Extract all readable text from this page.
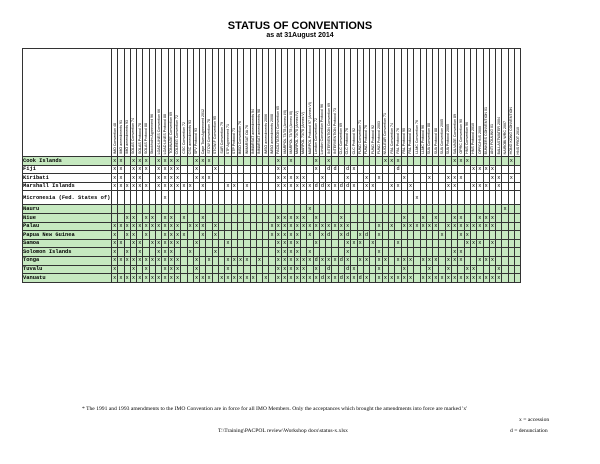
STATUS OF CONVENTIONS
as at 31August 2014

IMO Convention 48	IMO amendments 91	IMO amendments 93	SOLAS Convention 74	SOLAS Protocol 78	SOLAS Protocol 88	Stockholm Agreement 96	LOAD LINES Convention 66	LOAD LINES Protocol 88	TONNAGE Convention 69	COLREG Convention 72	CSC Convention 72	CSC amendments 93	SFV Protocol 93	Cape Town Agreement 2012	STCW Convention 78	STCW-F Convention 95	SAR Convention 79	STP Agreement 71	STP Protocol 73	IMSO Convention 76	INMARSAT OA 76	INMARSAT amendments 94	INMARSAT amendments 98	IMSO amendments 2006	IMSO amendments 2008	FACILITATION Convention 65	MARPOL 73/78 (Annex I/II)	MARPOL 73/78 (Annex III)	MARPOL 73/78 (Annex IV)	MARPOL 73/78 (Annex V)	MARPOL Protocol 97 (Annex VI)	London Convention 72	London Convention Protocol 96	INTERVENTION Convention 69	INTERVENTION Protocol 73	CLC Convention 69	CLC Protocol 76	CLC Protocol 92	FUND Convention 71	FUND Protocol 76	FUND Protocol 92	FUND Protocol 2003	NUCLEAR Convention 71	PAL Convention 74	PAL Protocol 76	PAL Protocol 90	PAL Protocol 02	LLMC Convention 76	LLMC Protocol 96	SUA Convention 88	SUA Protocol 88	SUA Convention 2005	SUA Protocol 2005	SALVAGE Convention 89	OPRC Convention 90	HNS Convention 96	HNS Protocol 2010	OPRC/HNS 2000	BUNKERS CONVENTION 01	ANTI FOULING 01	BALLASTWATER 2004	NAIROBI WRC 2007	HONG KONG CONVENTION	HNS PROT 2010

Cook Islands	x	x		x	x	x		x	x	x	x			x	x	x											x		x				x		x									x	x	x									x	x	x							x	
Fiji	x	x		x	x	x		x	x	x	x			x			x										x	x					x		d	d		d	x							d												x	x	x	x				
Kiribati	x	x		x	x			x	x	x	x			x	x	x											x	x	x	x	x			x				x			x		x				x				x			x	x	x					x	x		x	
Marshall Islands	x	x	x	x	x	x		x	x	x	x	x	x		x				x	x		x					x	x	x	x	x	x	d	d	x	x	d	d	x		x	x			x	x		x						x	x			x	x	x		x			
Micronesia (Fed. States of)									x																																								x																
Nauru																																x																															x		
Niue			x	x		x	x		x	x		x			x												x	x	x	x	x		x				x										x			x		x			x	x			x	x	x				
Palau	x	x	x	x	x	x	x	x	x	x	x		x	x	x		x									x	x	x	x	x	x	x	x	x	x	x	x	x					x		x		x	x	x	x	x	x		x	x	x	x	x	x	x	x				
Papua New Guinea	x		x	x		x			x	x	x	x			x		x									x	x	x	x	x		x		x	d		x	d		x	d		x										x			x	x								
Samoa	x	x		x	x		x	x	x	x	x			x					x								x	x	x	x			x					x	x	x		x				x											x	x	x		x				
Solomon Islands	x		x		x			x	x	x			x				x										x	x	x	x		x						x					x												x	x									
Tonga	x	x	x	x	x	x	x	x	x	x	x			x		x			x	x	x	x		x			x	x	x	x	x	x	d	x	x	x	d	x		x	x		x	x		x	x	x		x	x	x		x	x	x			x	x	x				
Tuvalu	x			x		x			x	x	x			x					x								x	x	x	x	x		x		d			d	x				x				x				x			x			x	x				x			
Vanuatu	x	x	x	x	x	x	x	x	x	x	x			x	x	x		x	x	x	x	x	x		x		x	x	x	x	x	x	x	d	x	x	d	x	x	d	x		x	x	x	x	x	x		x	x	x	x	x	x	x	x	x	x	x	x	x			
* The 1991 and 1993 amendments to the IMO Convention are in force for all IMO Members. Only the acceptances which brought the amendments into force are marked 'x'
x = accession
d = denunciation
T:\Training\PACPOL review\Workshop docs\status-x.xlsx
